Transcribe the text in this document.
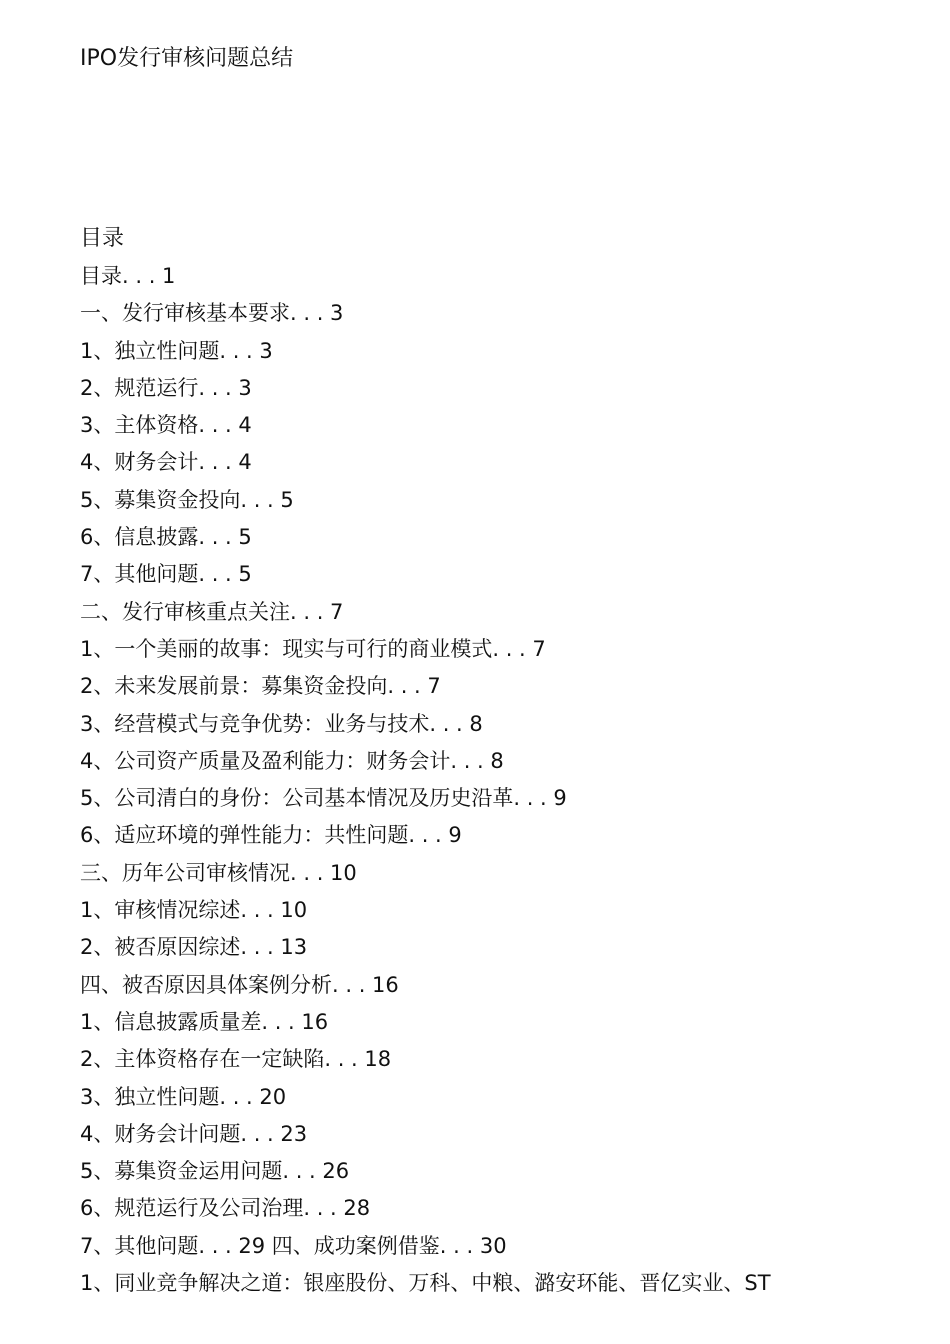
IPO发行审核问题总结
目录
目录. . . 1
一、发行审核基本要求. . . 3
1、独立性问题. . . 3
2、规范运行. . . 3
3、主体资格. . . 4
4、财务会计. . . 4
5、募集资金投向. . . 5
6、信息披露. . . 5
7、其他问题. . . 5
二、发行审核重点关注. . . 7
1、一个美丽的故事：现实与可行的商业模式. . . 7
2、未来发展前景：募集资金投向. . . 7
3、经营模式与竞争优势：业务与技术. . . 8
4、公司资产质量及盈利能力：财务会计. . . 8
5、公司清白的身份：公司基本情况及历史沿革. . . 9
6、适应环境的弹性能力：共性问题. . . 9
三、历年公司审核情况. . . 10
1、审核情况综述. . . 10
2、被否原因综述. . . 13
四、被否原因具体案例分析. . . 16
1、信息披露质量差. . . 16
2、主体资格存在一定缺陷. . . 18
3、独立性问题. . . 20
4、财务会计问题. . . 23
5、募集资金运用问题. . . 26
6、规范运行及公司治理. . . 28
7、其他问题. . . 29 四、成功案例借鉴. . . 30
1、同业竞争解决之道：银座股份、万科、中粮、潞安环能、晋亿实业、ST
